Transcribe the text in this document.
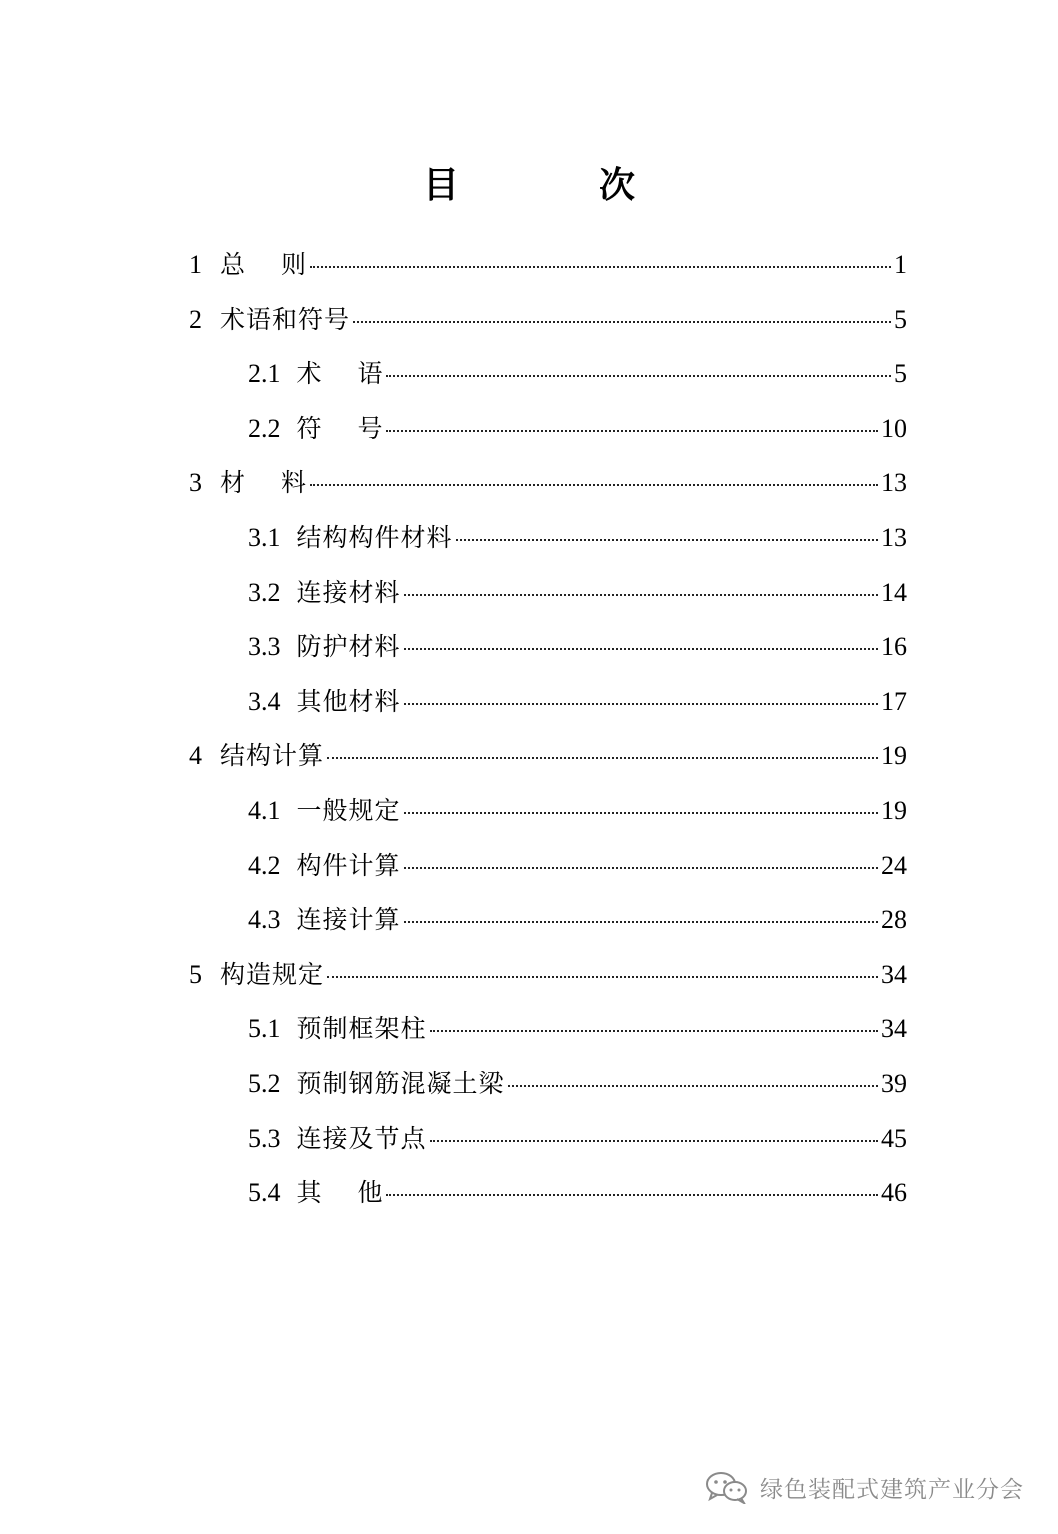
目　次
1 总　 则	1
2 术语和符号	5
2.1 术　 语	5
2.2 符　 号	10
3 材　 料	13
3.1 结构构件材料	13
3.2 连接材料	14
3.3 防护材料	16
3.4 其他材料	17
4 结构计算	19
4.1 一般规定	19
4.2 构件计算	24
4.3 连接计算	28
5 构造规定	34
5.1 预制框架柱	34
5.2 预制钢筋混凝土梁	39
5.3 连接及节点	45
5.4 其　 他	46
绿色装配式建筑产业分会
